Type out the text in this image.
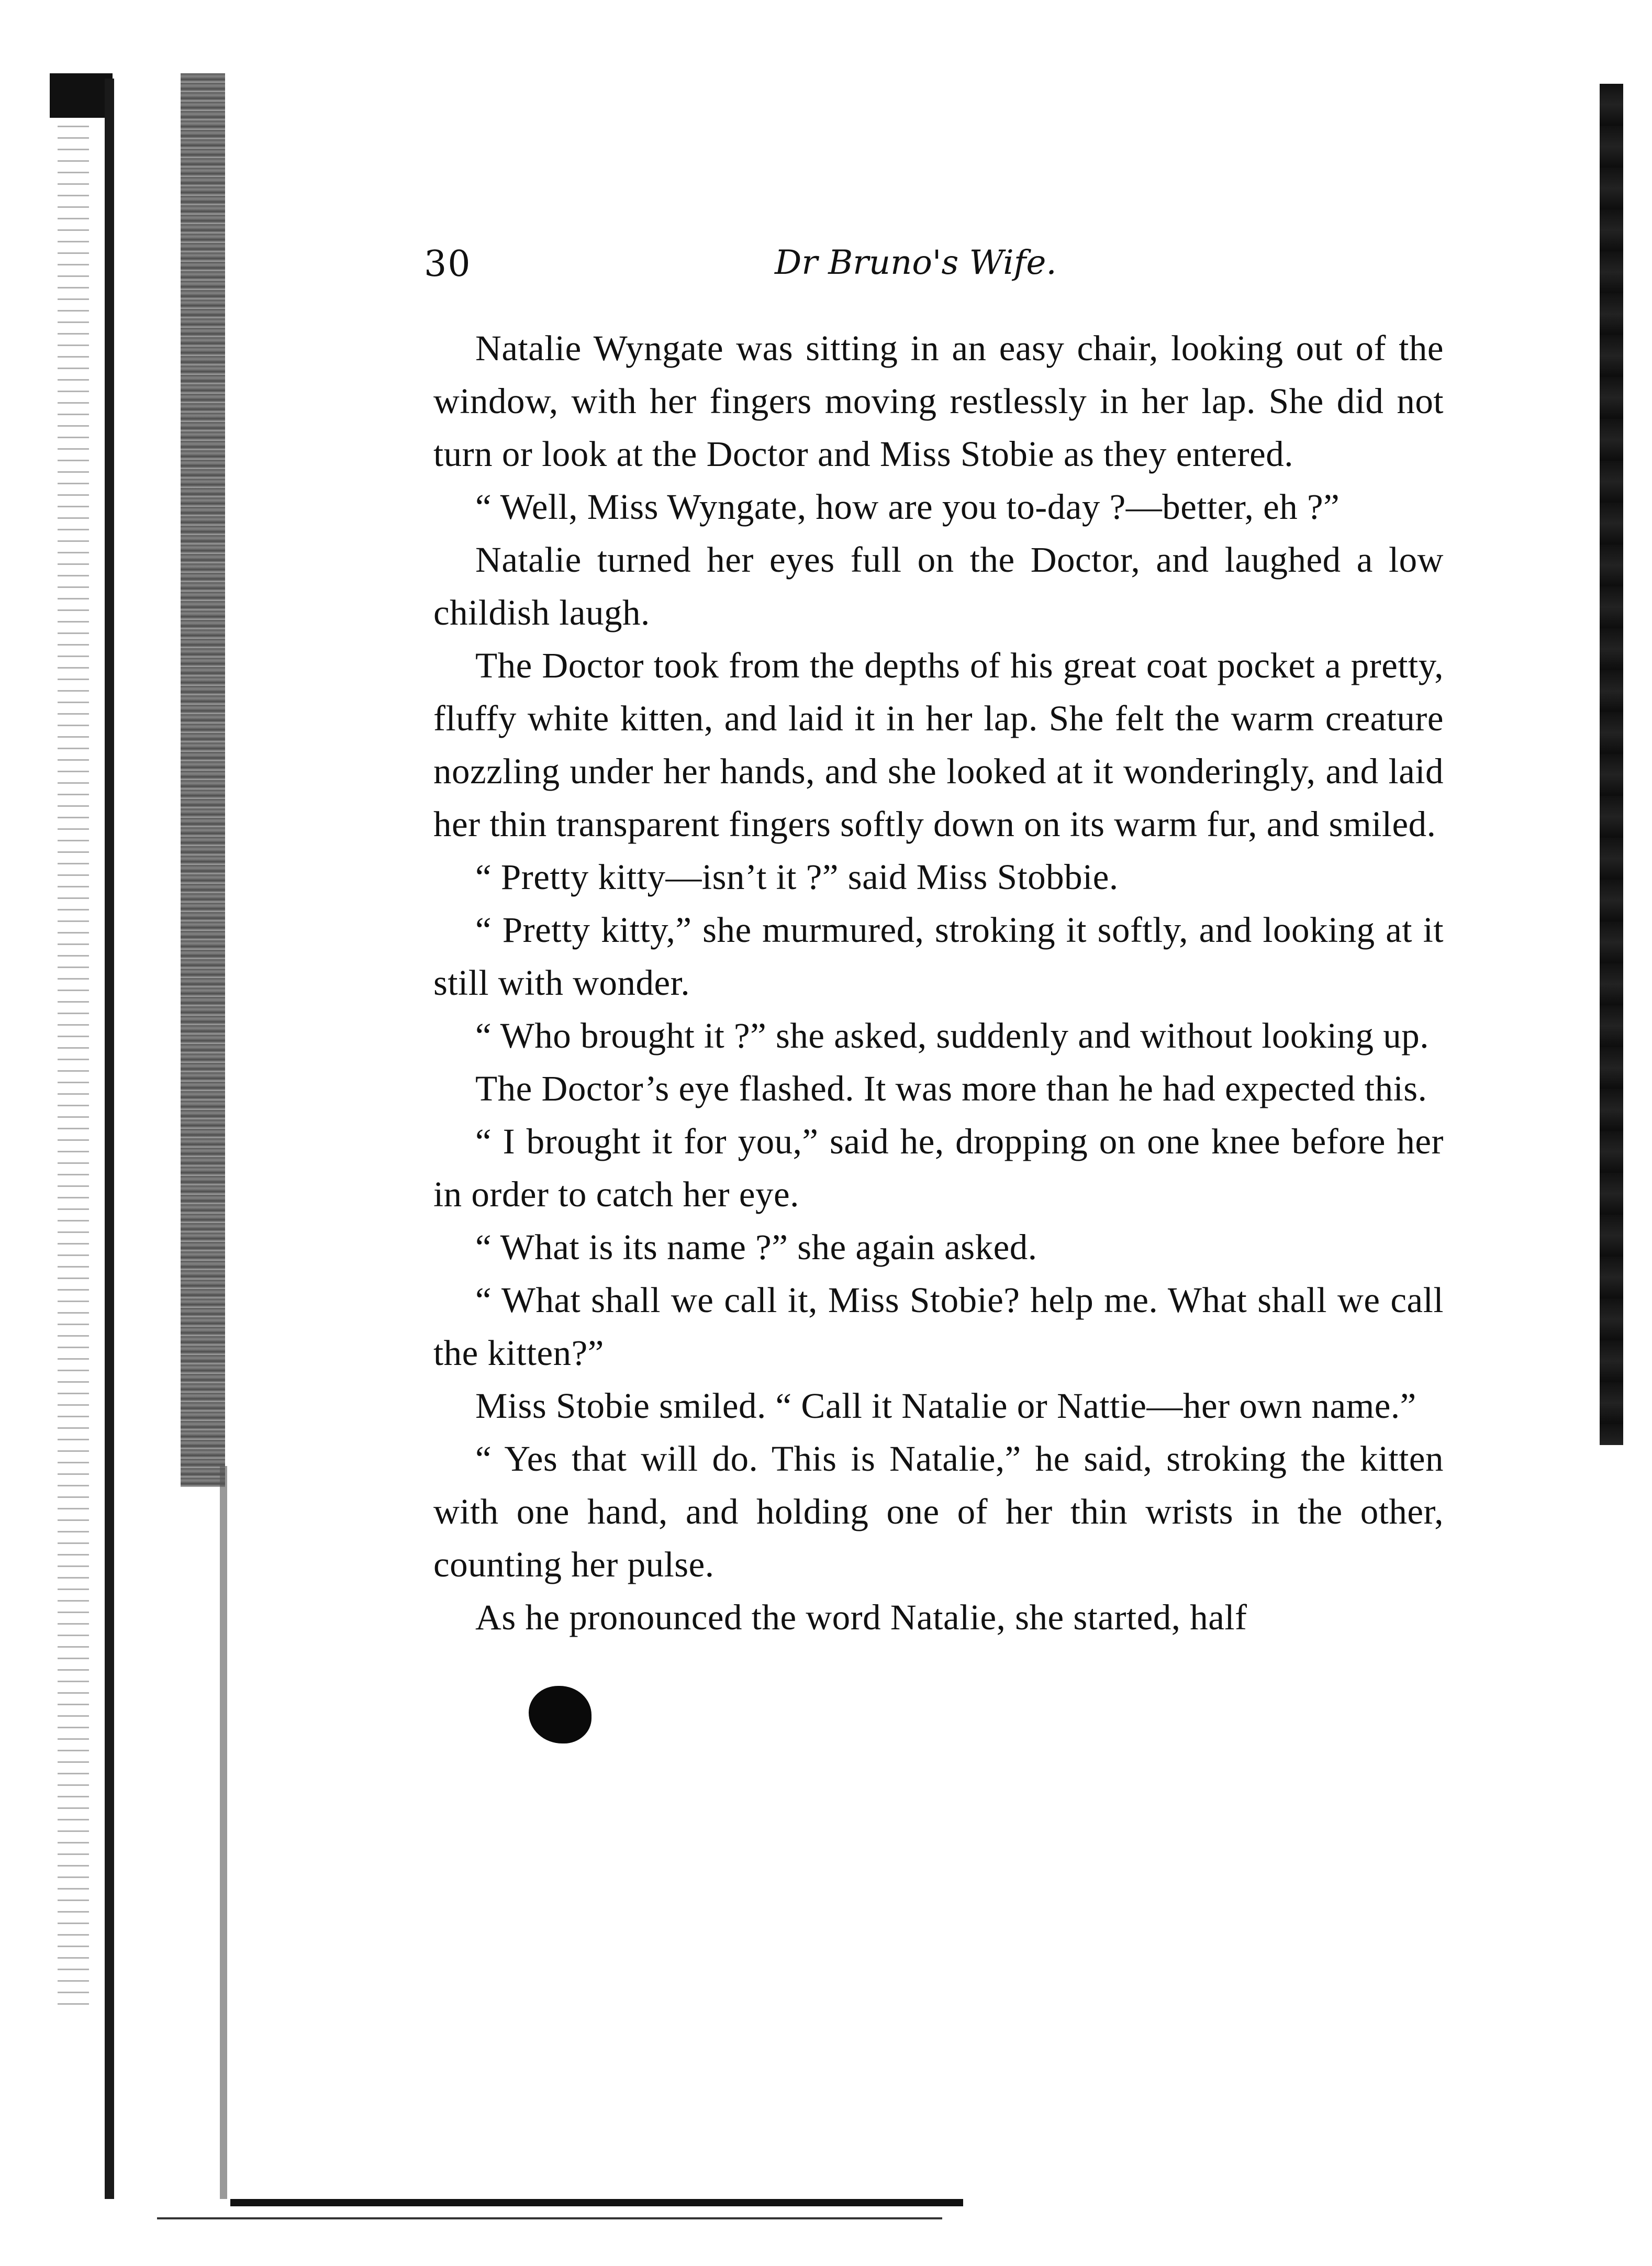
30	Dr Bruno's Wife.

Natalie Wyngate was sitting in an easy chair, looking out of the window, with her fingers moving restlessly in her lap. She did not turn or look at the Doctor and Miss Stobie as they entered.

“ Well, Miss Wyngate, how are you to-day ?—better, eh ?”

Natalie turned her eyes full on the Doctor, and laughed a low childish laugh.

The Doctor took from the depths of his great coat pocket a pretty, fluffy white kitten, and laid it in her lap. She felt the warm creature nozzling under her hands, and she looked at it wonderingly, and laid her thin transparent fingers softly down on its warm fur, and smiled.

“ Pretty kitty—isn’t it ?” said Miss Stobbie.

“ Pretty kitty,” she murmured, stroking it softly, and looking at it still with wonder.

“ Who brought it ?” she asked, suddenly and without looking up.

The Doctor’s eye flashed. It was more than he had expected this.

“ I brought it for you,” said he, dropping on one knee before her in order to catch her eye.

“ What is its name ?” she again asked.

“ What shall we call it, Miss Stobie? help me. What shall we call the kitten?”

Miss Stobie smiled. “ Call it Natalie or Nattie—her own name.”

“ Yes that will do. This is Natalie,” he said, stroking the kitten with one hand, and holding one of her thin wrists in the other, counting her pulse.

As he pronounced the word Natalie, she started, half
